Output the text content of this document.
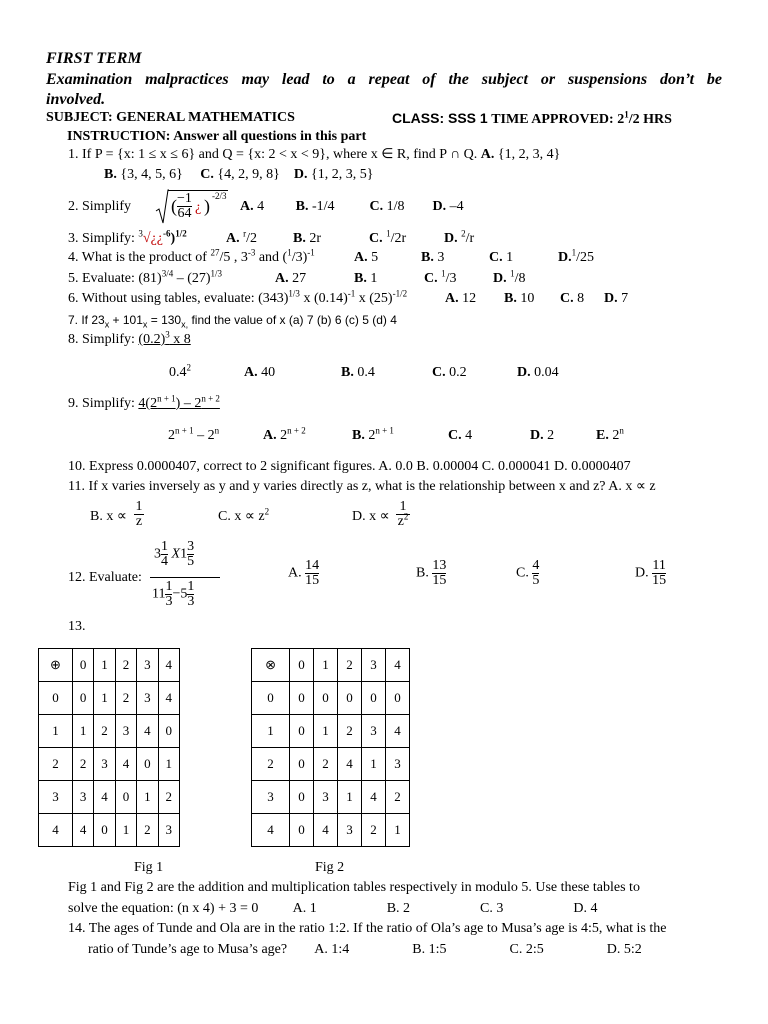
FIRST TERM
Examination malpractices may lead to a repeat of the subject or suspensions don’t be
involved.
SUBJECT: GENERAL MATHEMATICS	CLASS: SSS 1 TIME APPROVED: $2^1/2$ HRS
INSTRUCTION: Answer all questions in this part
1. If P = {x: 1 ≤ x ≤ 6} and Q = {x: 2 < x < 9}, where x ∈ R, find P ∩ Q. A. {1, 2, 3, 4}
B. {3, 4, 5, 6} C. {4, 2, 9, 8} D. {1, 2, 3, 5}
2. Simplify ( $\frac{-1}{64}$ ¿ ) -2/3
A. 4 B. -1/4	C. 1/8 D. –4
3. Simplify: $^3$√¿¿$^{-6}$)$^{1/2}$	A. $^r$/2	B. 2r	C. $^1$/2r	D. $^2$/r
4. What is the product of $^{27}$/5 , $3^{-3}$ and $(^1/3)^{-1}$	A. 5	B. 3	C. 1	D.$^1$/25
5. Evaluate: $(81)^{3/4} - (27)^{1/3}$	A. 27	B. 1	C. $^1$/3	D. $^1$/8
6. Without using tables, evaluate: $(343)^{1/3}$ x $(0.14)^{-1}$ x $(25)^{-1/2}$	A. 12 B. 10 C. 8 D. 7
7. If $23_x + 101_x = 130_{x,}$ find the value of x (a) 7 (b) 6 (c) 5 (d) 4
8. Simplify: $(0.2)^3$ x 8
$0.4^2$	A. 40	B. 0.4	C. 0.2	D. 0.04
9. Simplify: $4(2^{n + 1}) - 2^{n + 2}$
$2^{n + 1} - 2^n$	A. $2^{n + 2}$	B. $2^{n + 1}$	C. 4	D. 2	E. 2$^n$
10. Express 0.0000407, correct to 2 significant figures. A. 0.0 B. 0.00004 C. 0.000041 D. 0.0000407
11. If x varies inversely as y and y varies directly as z, what is the relationship between x and z? A. x ∝ z
B. $x \propto \frac{1}{z}$	C. $x \propto z^2$	D. $x \propto \frac{1}{z^2}$
12. Evaluate:
$3 \frac{1}{4} X1 \frac{3}{5}$
$11 \frac{1}{3} -5 \frac{1}{3}$
A. $\frac{14}{15}$	B. $\frac{13}{15}$	C. $\frac{4}{5}$	D. $\frac{11}{15}$
13.
⊕	0	1	2	3	4
0	0	1	2	3	4
1	1	2	3	4	0
2	2	3	4	0	1
3	3	4	0	1	2
4	4	0	1	2	3
⊗	0	1	2	3	4
0	0	0	0	0	0
1	0	1	2	3	4
2	0	2	4	1	3
3	0	3	1	4	2
4	0	4	3	2	1
Fig 1	Fig 2
Fig 1 and Fig 2 are the addition and multiplication tables respectively in modulo 5. Use these tables to
solve the equation: (n x 4) + 3 = 0          A. 1                    B. 2                    C. 3                    D. 4
14. The ages of Tunde and Ola are in the ratio 1:2. If the ratio of Ola’s age to Musa’s age is 4:5, what is the
ratio of Tunde’s age to Musa’s age?        A. 1:4                  B. 1:5                  C. 2:5                  D. 5:2
